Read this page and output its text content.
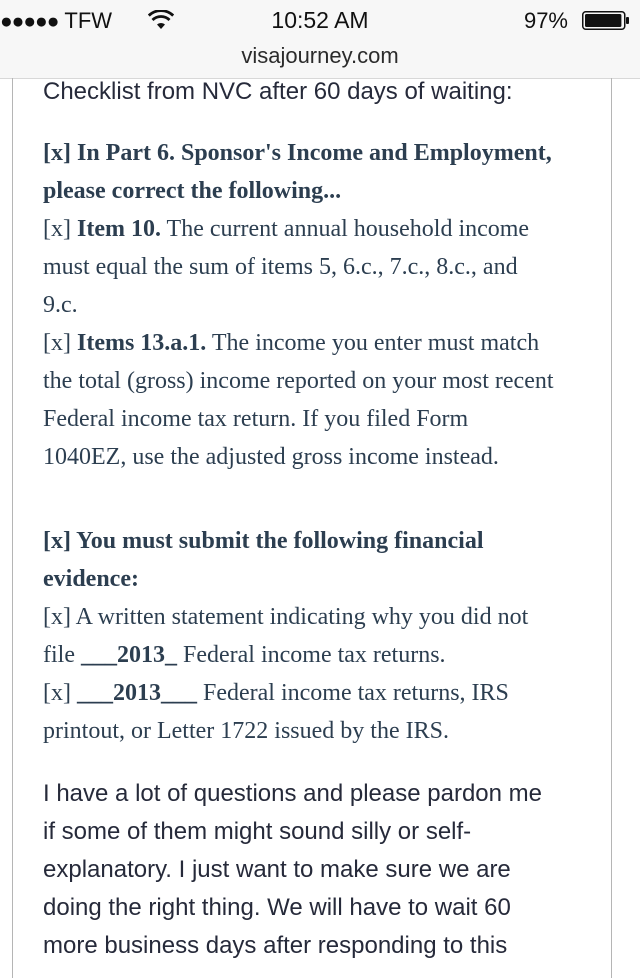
●●●●● TFW	10:52 AM	97%
visajourney.com
Checklist from NVC after 60 days of waiting:
[x] In Part 6. Sponsor's Income and Employment,
please correct the following...
[x] Item 10. The current annual household income
must equal the sum of items 5, 6.c., 7.c., 8.c., and
9.c.
[x] Items 13.a.1. The income you enter must match
the total (gross) income reported on your most recent
Federal income tax return. If you filed Form
1040EZ, use the adjusted gross income instead.
[x] You must submit the following financial
evidence:
[x] A written statement indicating why you did not
file ___2013_ Federal income tax returns.
[x] ___2013___ Federal income tax returns, IRS
printout, or Letter 1722 issued by the IRS.
I have a lot of questions and please pardon me
if some of them might sound silly or self-
explanatory. I just want to make sure we are
doing the right thing. We will have to wait 60
more business days after responding to this
